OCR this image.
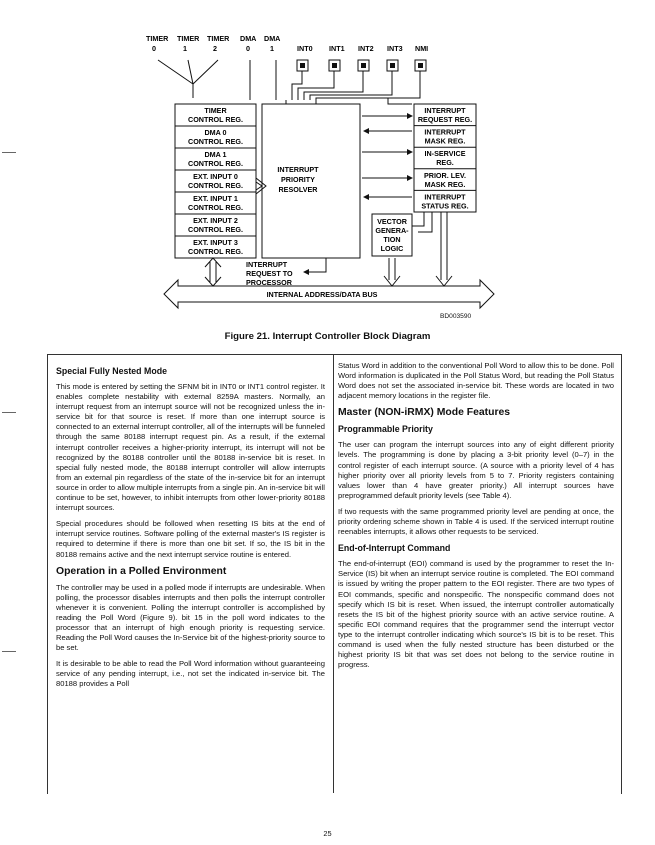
TIMER 0
TIMER 1
TIMER 2
DMA 0
DMA 1	INT0 INT1 INT2 INT3 NMI
TIMER
CONTROL REG.
DMA 0
CONTROL REG.
DMA 1
CONTROL REG.
EXT. INPUT 0
CONTROL REG.
EXT. INPUT 1
CONTROL REG.
EXT. INPUT 2
CONTROL REG.
EXT. INPUT 3
CONTROL REG.
INTERRUPT
PRIORITY
RESOLVER
INTERRUPT
REQUEST REG.
INTERRUPT
MASK REG.
IN-SERVICE
REG.
PRIOR. LEV.
MASK REG.
INTERRUPT
STATUS REG.
VECTOR
GENERA-
TION
LOGIC
INTERRUPT
REQUEST TO
PROCESSOR
INTERNAL ADDRESS/DATA BUS
BD003590
Figure 21. Interrupt Controller Block Diagram
Special Fully Nested Mode

This mode is entered by setting the SFNM bit in INT0 or INT1 control register. It enables complete nestability with external 8259A masters. Normally, an interrupt request from an interrupt source will not be recognized unless the in-service bit for that source is reset. If more than one interrupt source is connected to an external interrupt controller, all of the interrupts will be funneled through the same 80188 interrupt request pin. As a result, if the external interrupt controller receives a higher-priority interrupt, its interrupt will not be recognized by the 80188 controller until the 80188 in-service bit is reset. In special fully nested mode, the 80188 interrupt controller will allow interrupts from an external pin regardless of the state of the in-service bit for an interrupt source in order to allow multiple interrupts from a single pin. An in-service bit will continue to be set, however, to inhibit interrupts from other lower-priority 80188 interrupt sources.

Special procedures should be followed when resetting IS bits at the end of interrupt service routines. Software polling of the external master's IS register is required to determine if there is more than one bit set. If so, the IS bit in the 80188 remains active and the next interrupt service routine is entered.

Operation in a Polled Environment

The controller may be used in a polled mode if interrupts are undesirable. When polling, the processor disables interrupts and then polls the interrupt controller whenever it is convenient. Polling the interrupt controller is accomplished by reading the Poll Word (Figure 9). bit 15 in the poll word indicates to the processor that an interrupt of high enough priority is requesting service. Reading the Poll Word causes the In-Service bit of the highest-priority source to be set.

It is desirable to be able to read the Poll Word information without guaranteeing service of any pending interrupt, i.e., not set the indicated in-service bit. The 80188 provides a Poll

Status Word in addition to the conventional Poll Word to allow this to be done. Poll Word information is duplicated in the Poll Status Word, but reading the Poll Status Word does not set the associated in-service bit. These words are located in two adjacent memory locations in the register file.

Master (NON-iRMX) Mode Features
Programmable Priority

The user can program the interrupt sources into any of eight different priority levels. The programming is done by placing a 3-bit priority level (0–7) in the control register of each interrupt source. (A source with a priority level of 4 has higher priority over all priority levels from 5 to 7. Priority registers containing values lower than 4 have greater priority.) All interrupt sources have preprogrammed default priority levels (see Table 4).

If two requests with the same programmed priority level are pending at once, the priority ordering scheme shown in Table 4 is used. If the serviced interrupt routine reenables interrupts, it allows other requests to be serviced.

End-of-Interrupt Command

The end-of-interrupt (EOI) command is used by the programmer to reset the In-Service (IS) bit when an interrupt service routine is completed. The EOI command is issued by writing the proper pattern to the EOI register. There are two types of EOI commands, specific and nonspecific. The nonspecific command does not specify which IS bit is reset. When issued, the interrupt controller automatically resets the IS bit of the highest priority source with an active service routine. A specific EOI command requires that the programmer send the interrupt vector type to the interrupt controller indicating which source's IS bit is to be reset. This command is used when the fully nested structure has been disturbed or the highest priority IS bit that was set does not belong to the service routine in progress.

25
